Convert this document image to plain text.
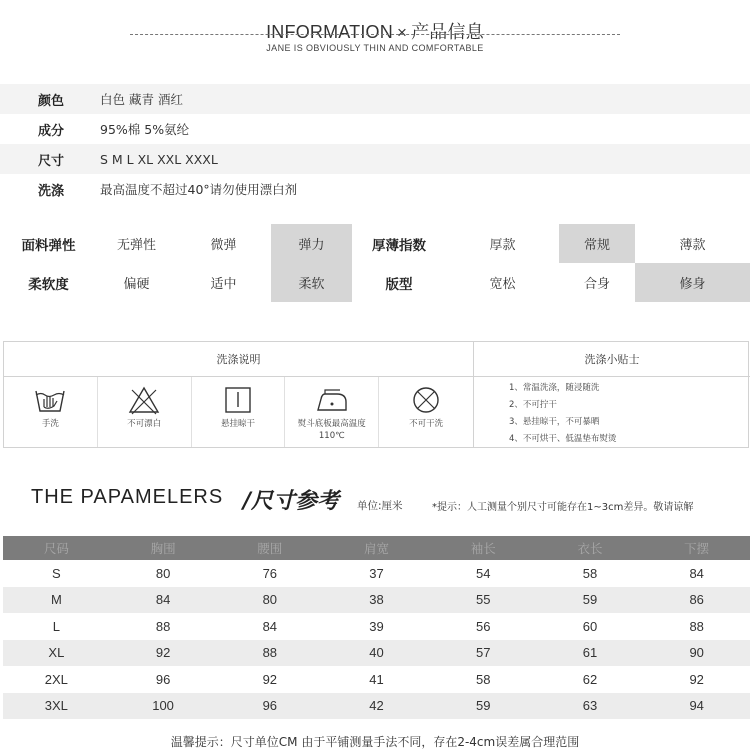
INFORMATION × 产品信息
JANE IS OBVIOUSLY THIN AND COMFORTABLE
颜色	白色 藏青 酒红
成分	95%棉 5%氨纶
尺寸	S M L XL XXL XXXL
洗涤	最高温度不超过40°请勿使用漂白剂
面料弹性	无弹性	微弹	弹力	厚薄指数	厚款	常规	薄款
柔软度	偏硬	适中	柔软	版型	宽松	合身	修身
洗涤说明	洗涤小贴士
手洗	不可漂白	悬挂晾干	熨斗底板最高温度110℃
不可干洗
1、常温洗涤，随浸随洗
2、不可拧干
3、悬挂晾干，不可暴晒
4、不可烘干、低温垫布熨烫
THE PAPAMELERS /尺寸参考 单位:厘米	*提示：人工测量个别尺寸可能存在1~3cm差异。敬请谅解
尺码	胸围	腰围	肩宽	袖长	衣长	下摆
S	80	76	37	54	58	84
M	84	80	38	55	59	86
L	88	84	39	56	60	88
XL	92	88	40	57	61	90
2XL	96	92	41	58	62	92
3XL	100	96	42	59	63	94
温馨提示：尺寸单位CM 由于平铺测量手法不同，存在2-4cm误差属合理范围
